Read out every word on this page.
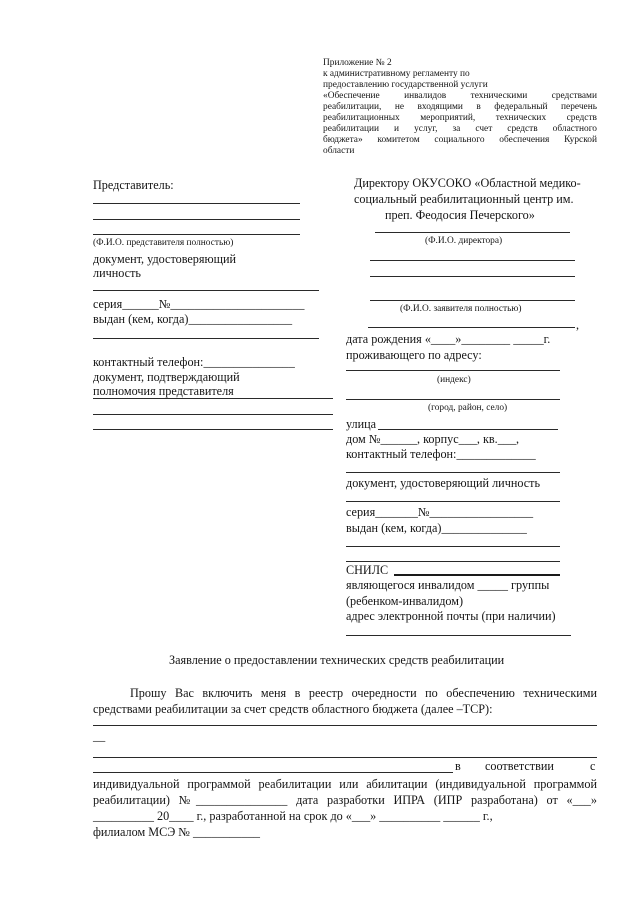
Приложение № 2
к административному регламенту по
предоставлению государственной услуги
«Обеспечение инвалидов техническими средствами
реабилитации, не входящими в федеральный перечень
реабилитационных мероприятий, технических средств
реабилитации и услуг, за счет средств областного
бюджета» комитетом социального обеспечения Курской
области
Представитель:
(Ф.И.О. представителя полностью)
документ, удостоверяющий
личность
серия______№______________________
выдан (кем, когда)_________________
контактный телефон:_______________
документ, подтверждающий
полномочия представителя
Директору ОКУСОКО «Областной медико-
социальный реабилитационный центр им.
преп. Феодосия Печерского»
(Ф.И.О. директора)
(Ф.И.О. заявителя полностью)
,
дата рождения «____»________ _____г.
проживающего по адресу:
(индекс)
(город, район, село)
улица
дом №______, корпус___, кв.___,
контактный телефон:_____________
документ, удостоверяющий личность
серия_______№_________________
выдан (кем, когда)______________
СНИЛС
являющегося инвалидом _____ группы
(ребенком-инвалидом)
адрес электронной почты (при наличии)
Заявление о предоставлении технических средств реабилитации
Прошу Вас включить меня в реестр очередности по обеспечению техническими
средствами реабилитации за счет средств областного бюджета (далее –ТСР):
__
в соответствии	с
индивидуальной программой реабилитации или абилитации (индивидуальной программой
реабилитации) №_______________ дата разработки ИПРА (ИПР разработана) от «___»
__________ 20____ г., разработанной на срок до «___» __________ ______ г.,
филиалом МСЭ № ___________
